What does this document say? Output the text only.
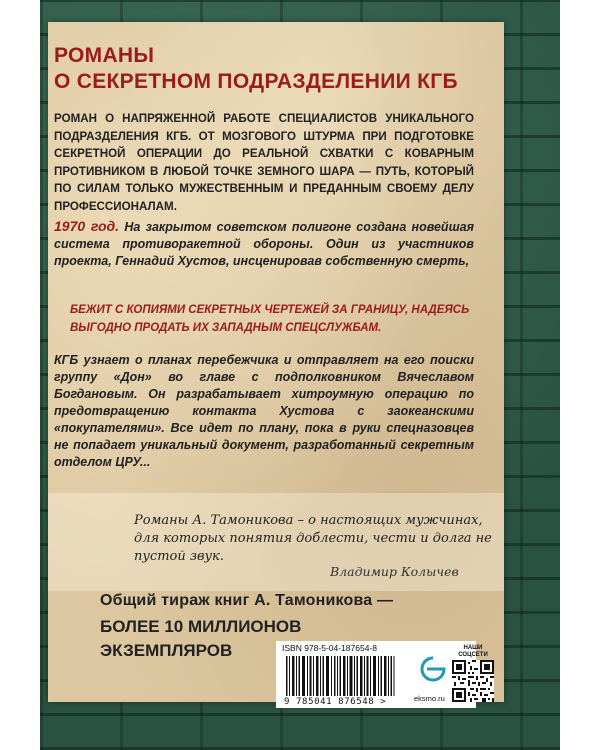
РОМАНЫ
О СЕКРЕТНОМ ПОДРАЗДЕЛЕНИИ КГБ

РОМАН О НАПРЯЖЕННОЙ РАБОТЕ СПЕЦИАЛИСТОВ УНИКАЛЬНОГО ПОДРАЗДЕЛЕНИЯ КГБ. ОТ МОЗГОВОГО ШТУРМА ПРИ ПОДГОТОВКЕ СЕКРЕТНОЙ ОПЕРАЦИИ ДО РЕАЛЬНОЙ СХВАТКИ С КОВАРНЫМ ПРОТИВНИКОМ В ЛЮБОЙ ТОЧКЕ ЗЕМНОГО ШАРА — ПУТЬ, КОТОРЫЙ ПО СИЛАМ ТОЛЬКО МУЖЕСТВЕННЫМ И ПРЕДАННЫМ СВОЕМУ ДЕЛУ ПРОФЕССИОНАЛАМ.

1970 год. На закрытом советском полигоне создана новейшая система противоракетной обороны. Один из участников проекта, Геннадий Хустов, инсценировав собственную смерть,

БЕЖИТ С КОПИЯМИ СЕКРЕТНЫХ ЧЕРТЕЖЕЙ ЗА ГРАНИЦУ, НАДЕЯСЬ ВЫГОДНО ПРОДАТЬ ИХ ЗАПАДНЫМ СПЕЦСЛУЖБАМ.

КГБ узнает о планах перебежчика и отправляет на его поиски группу «Дон» во главе с подполковником Вячеславом Богдановым. Он разрабатывает хитроумную операцию по предотвращению контакта Хустова с заокеанскими «покупателями». Все идет по плану, пока в руки спецназовцев не попадает уникальный документ, разработанный секретным отделом ЦРУ...

Романы А. Тамоникова – о настоящих мужчинах, для которых понятия доблести, чести и долга не пустой звук.

Владимир Колычев

Общий тираж книг А. Тамоникова —

БОЛЕЕ 10 МИЛЛИОНОВ
ЭКЗЕМПЛЯРОВ	ISBN 978-5-04-187654-8

9 785041 876548 >	eksmo.ru

НАШИ СОЦСЕТИ
